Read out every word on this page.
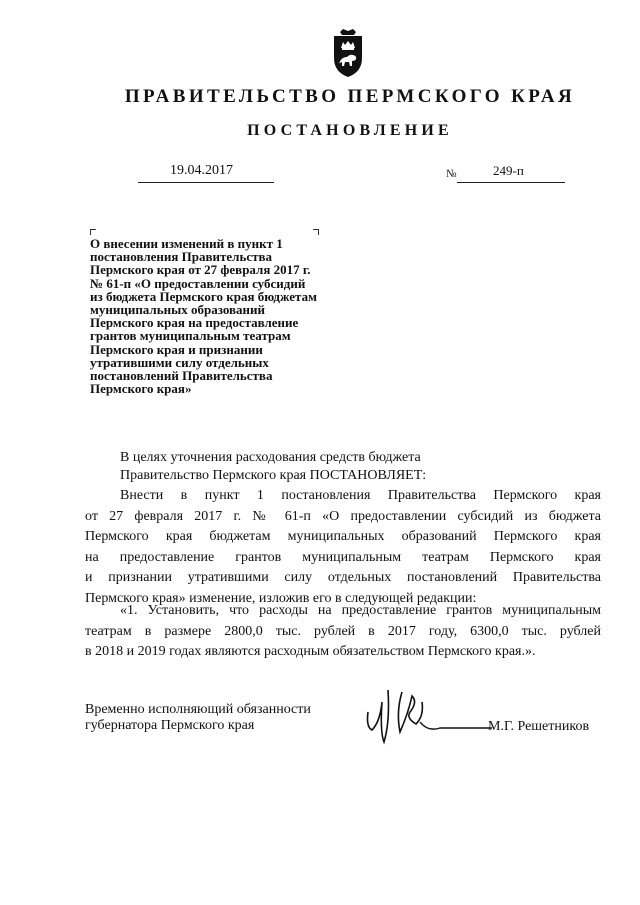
ПРАВИТЕЛЬСТВО ПЕРМСКОГО КРАЯ
ПОСТАНОВЛЕНИЕ
19.04.2017	№	249-п
О внесении изменений в пункт 1
постановления Правительства
Пермского края от 27 февраля 2017 г.
№ 61-п «О предоставлении субсидий
из бюджета Пермского края бюджетам
муниципальных образований
Пермского края на предоставление
грантов муниципальным театрам
Пермского края и признании
утратившими силу отдельных
постановлений Правительства
Пермского края»
В целях уточнения расходования средств бюджета
Правительство Пермского края ПОСТАНОВЛЯЕТ:
Внести в пункт 1 постановления Правительства Пермского края
от 27 февраля 2017 г. № 61-п «О предоставлении субсидий из бюджета
Пермского края бюджетам муниципальных образований Пермского края
на предоставление грантов муниципальным театрам Пермского края
и признании утратившими силу отдельных постановлений Правительства
Пермского края» изменение, изложив его в следующей редакции:
«1. Установить, что расходы на предоставление грантов муниципальным
театрам в размере 2800,0 тыс. рублей в 2017 году, 6300,0 тыс. рублей
в 2018 и 2019 годах являются расходным обязательством Пермского края.».
Временно исполняющий обязанности
губернатора Пермского края	М.Г. Решетников
